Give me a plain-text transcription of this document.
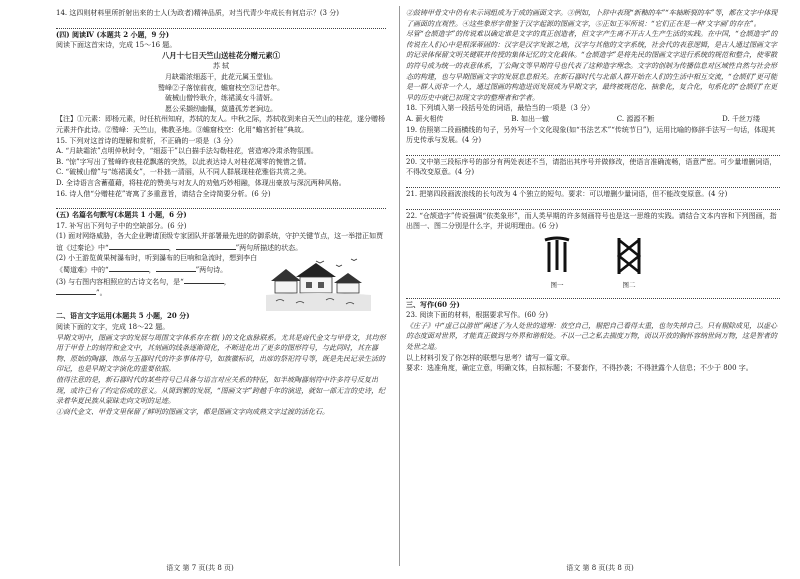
14. 这四则材料里所折射出来的士人(为政者)精神品质，对当代青少年成长有何启示？(3 分)

(四) 阅读Ⅳ (本题共 2 小题，9 分)

阅读下面这首宋诗，完成 15～16 题。

八月十七日天竺山送桂花分赠元素①

苏 轼

月缺霜浓细蕊干，此花元属玉堂仙。

鹫峰②子落惊前夜，蟾窟枝空③记昔年。

破械山僧怜耿介，练裙溪女斗清妍。

愿公采撷纫幽佩，莫遣孤芳老涧边。

【注】①元素：即杨元素，时任杭州知府，苏轼的友人。中秋之际，苏轼收到来自天竺山的桂花，遂分赠杨元素并作此诗。②鹫峰：天竺山，佛教圣地。③蟾窟枝空：化用“蟾宫折桂”典故。

15. 下列对这首诗的理解和赏析，不正确的一项是（3 分）

A. “月缺霜浓”点明仲秋时令，“细蕊干”以白描手法勾勒桂花，营造寒冷肃杀物氛围。

B. “惊”字写出了鹫峰昨夜桂花飘落的突然，以此表达诗人对桂花凋零的惋惜之情。

C. “破械山僧”与“练裙溪女”，一朴拙一清丽，从不同人群展现桂花雅俗共赏之美。

D. 全诗语言含蓄蕴藉，将桂花的赞美与对友人的劝勉巧妙相融，体现出豪放与深沉两种风格。

16. 诗人借“分赠桂花”寄寓了多重意旨，请结合全诗简要分析。(6 分)

(五) 名篇名句默写(本题共 1 小题，6 分)

17. 补写出下列句子中的空缺部分。(6 分)

(1) 面对网络威胁，各大企业聘请顶级专家团队并部署最先进的防御系统，守护关键节点，这一举措正如贾谊《过秦论》中“	，	”两句所描述的状态。

(2) 小王游览黄果树瀑布时，听到瀑布的巨响和急流时，想到李白《蜀道难》中的“	，	”两句诗。

(3) 与右图内容相照应的古诗文名句，是“	，”。

二、语言文字运用(本题共 5 小题，20 分)

阅读下面的文字，完成 18～22 题。

早期文明中，图画文字的发展与周围文字体系存在着( )的文化血脉联系。尤其是商代金文与甲骨文，其均形用于甲骨上的刻符和金文中，其刻画的线条逐渐简化，不断进化出了更多的图形符号，与此同时，其在器物、原始的陶器、饰品与玉器时代的许多事体符号，如族徽标识，出席的祭祀符号等，既是先民记录生活的印记，也是早期文字演化的重要依据。

值得注意的是，新石器时代的某些符号已具备与语言对应关系的特征，如半坡陶器刻符中许多符号反复出现，或许已有了约定俗成的意义。从简到繁的发展，“图画文字”跨越千年的演进，就如一部无言的史诗，纪录着华夏民族从蒙昧走向文明的足迹。

①商代金文、甲骨文里保留了鲜明的图画文字，都是图画文字向成熟文字过渡的活化石。

语文 第 7 页(共 8 页)

②鼓铸甲骨文中仍有未示词组成为于成的画面文字。③例如，卜辞中表现“新釉的车”“车轴断裂的车”等，都在文字中体现了画面的直观性。④这些象形字借鉴于汉字起源的图画文字，⑤正如王军所说：“它们正在是一种‘文字画’的存在”。

尽管“仓颉造字”的传说难以确定谁是文字的真正创造者，但文字产生离不开古人生产生活的实践。在中国，“仓颉造字”的传说在人们心中是根深蒂固的：汉字是汉字发源之地，汉字与其他的文字系统，社会代的表意逻辑，是古人通过图画文字的记录体保留文明关键联并传授的集体记忆的文化载体。“仓颉造字”是将先民的图画文字进行系统的规范和整合，使零散的符号成为统一的表意体系，丁公陶文等早期符号也代表了这种造字理念。文字的创制为传播信息对区域性自然与社会形态的构建，也与早期图画文字的发展息息相关。在新石器时代与北部人群开始在人们的生活中相互交流，“仓颉们”更可能是一群人而非一个人，通过图画的构造进而发展成为早期文字，最终被规范化、抽象化，复合化，句系化的“仓颉们”在更早的历史中就已初现文字的整理者和学者。

18. 下列填入第一段括号处的词语，最恰当的一项是（3 分）

A. 薪火相传	B. 如出一辙	C. 源源不断	D. 千丝万缕

19. 仿照第二段画横线的句子，另外写一个文化现象(如“书法艺术”“传统节日”)，运用比喻的修辞手法写一句话，体现其历史传承与发展。(4 分)

20. 文中第三段标序号的部分有两处表述不当，请指出其序号并做修改，使语言准确流畅，语意严密。可少量增删词语，不得改变原意。(4 分)

21. 把第四段画波浪线的长句改为 4 个独立的短句。要求：可以增删少量词语，但不能改变原意。(4 分)

22. “仓颉造字”传说强调“依类象形”，而人类早期的许多刻画符号也是这一思维的实践。请结合文本内容和下列图画，指出图一、图二分别是什么字，并说明理由。(6 分)

图一	图二

三、写作(60 分)

23. 阅读下面的材料，根据要求写作。(60 分)

《庄子》中“虚己以游世”阐述了为人处世的道理：放空自己，剔把自己看得太重，也勿失掉自己。只有剔除成见，以虚心的态度面对世界，才能真正做到与外界和谐相处。不以一己之私去揣度万物，而以开放的胸怀容纳世间万物，这是智者的处世之道。

以上材料引发了你怎样的联想与思考？请写一篇文章。

要求：选准角度，确定立意，明确文体，自拟标题；不要套作，不得抄袭；不得泄露个人信息；不少于 800 字。

语文 第 8 页(共 8 页)
